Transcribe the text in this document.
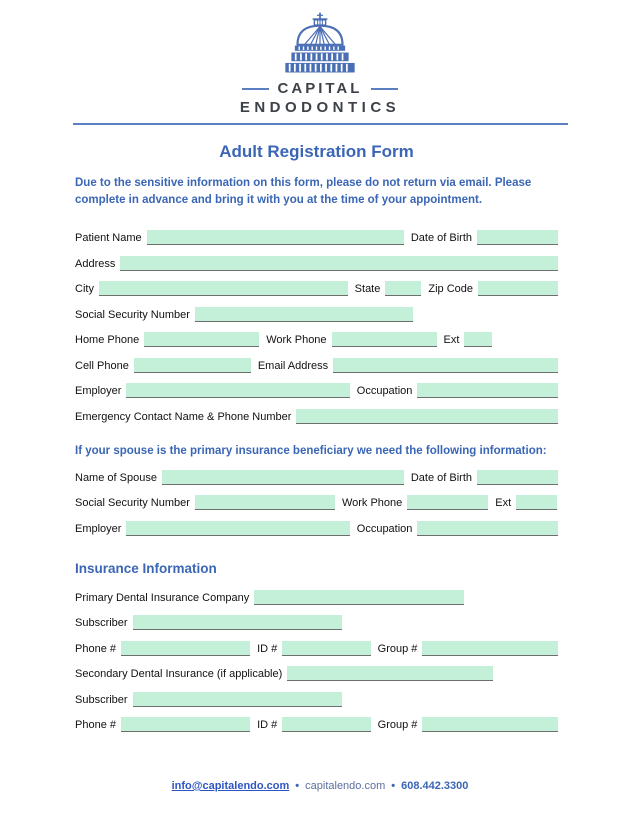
CAPITAL
ENDODONTICS
Adult Registration Form
Due to the sensitive information on this form, please do not return via email. Please complete in advance and bring it with you at the time of your appointment.
Patient Name	Date of Birth
Address
City	State	Zip Code
Social Security Number
Home Phone	Work Phone	Ext
Cell Phone	Email Address
Employer	Occupation
Emergency Contact Name & Phone Number
If your spouse is the primary insurance beneficiary we need the following information:
Name of Spouse	Date of Birth
Social Security Number	Work Phone	Ext
Employer	Occupation
Insurance Information
Primary Dental Insurance Company
Subscriber
Phone #	ID #	Group #
Secondary Dental Insurance (if applicable)
Subscriber
Phone #	ID #	Group #
info@capitalendo.com • capitalendo.com • 608.442.3300
